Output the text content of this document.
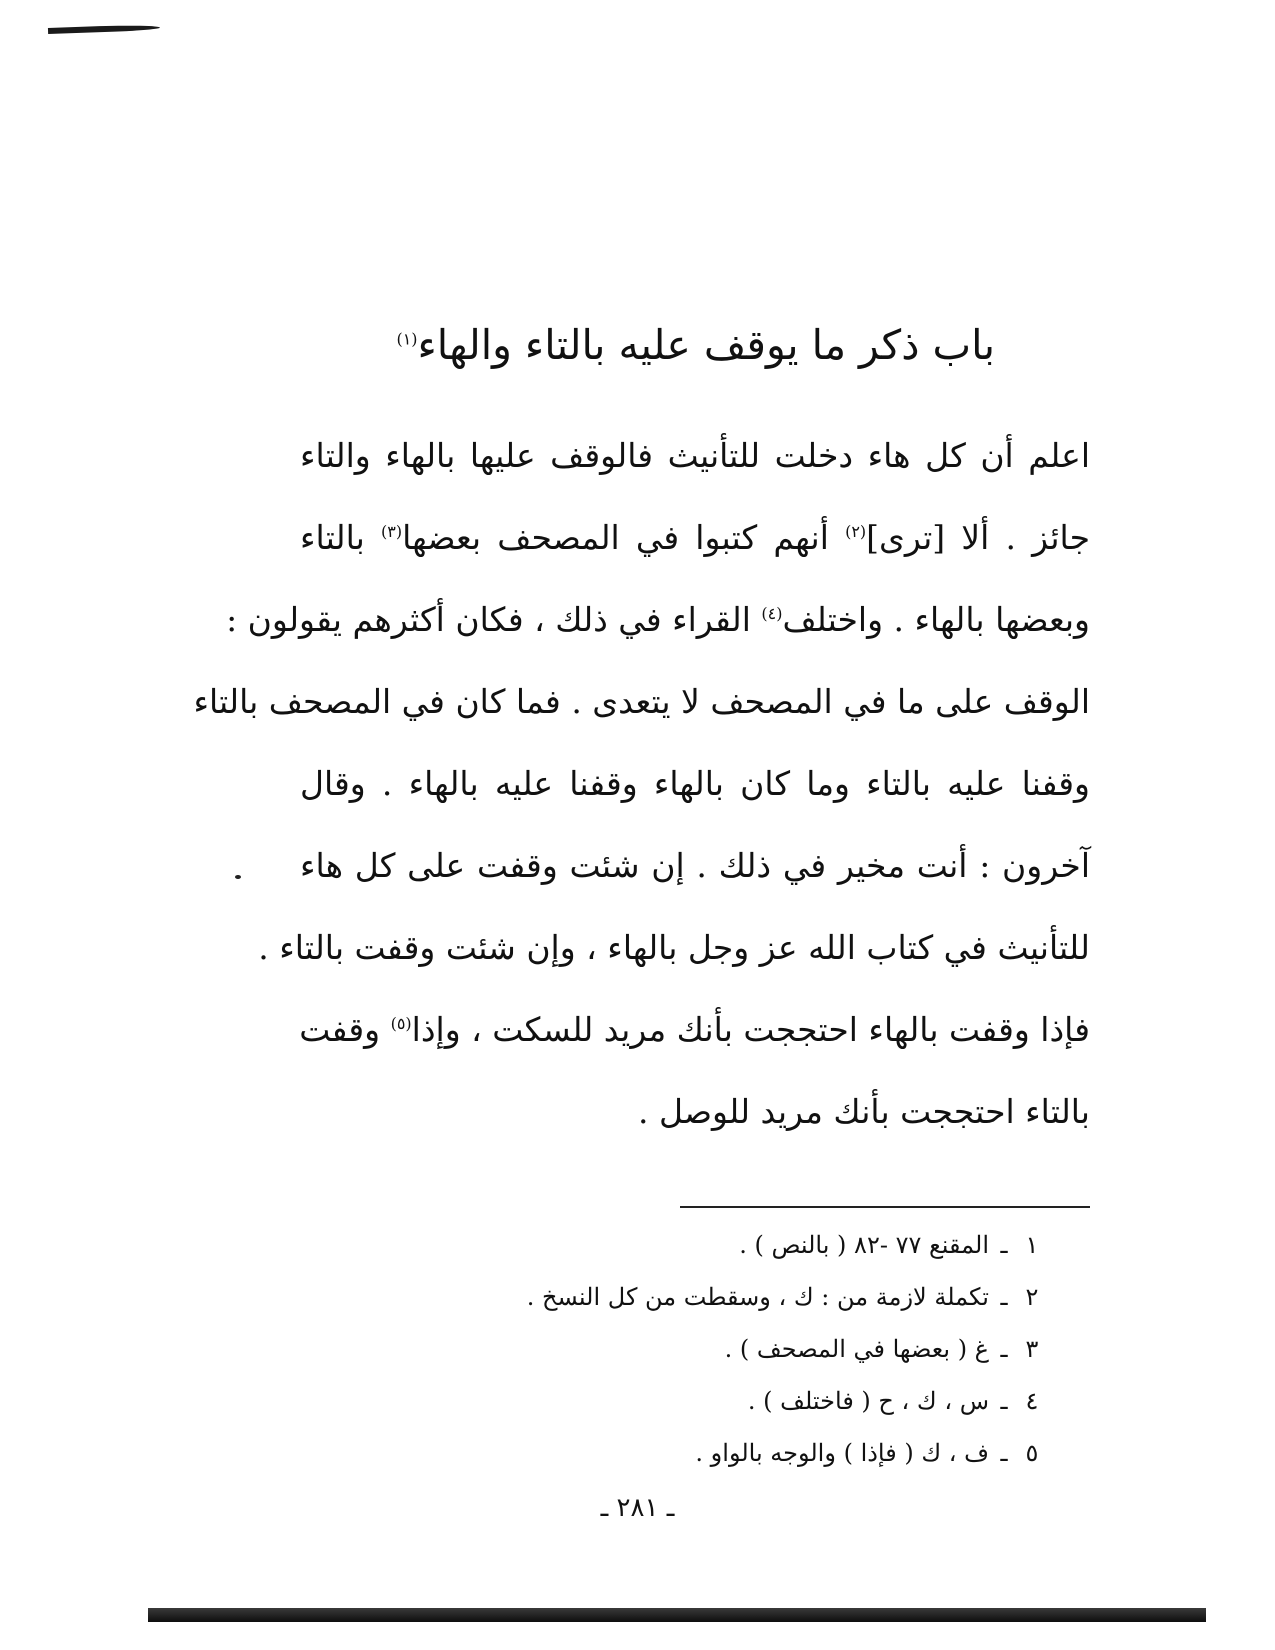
باب ذكر ما يوقف عليه بالتاء والهاء$^{(١)}$
اعلم أن كل هاء دخلت للتأنيث فالوقف عليها بالهاء والتاء
جائز . ألا [ترى]$^{(٢)}$ أنهم كتبوا في المصحف بعضها$^{(٣)}$ بالتاء
وبعضها بالهاء . واختلف$^{(٤)}$ القراء في ذلك ، فكان أكثرهم يقولون :
الوقف على ما في المصحف لا يتعدى . فما كان في المصحف بالتاء
وقفنا عليه بالتاء وما كان بالهاء وقفنا عليه بالهاء . وقال
آخرون : أنت مخير في ذلك . إن شئت وقفت على كل هاء
للتأنيث في كتاب الله عز وجل بالهاء ، وإن شئت وقفت بالتاء .
فإذا وقفت بالهاء احتججت بأنك مريد للسكت ، وإذا$^{(٥)}$ وقفت
بالتاء احتججت بأنك مريد للوصل .
١ـالمقنع ٧٧ -٨٢ ( بالنص ) .
٢ـتكملة لازمة من : ك ، وسقطت من كل النسخ .
٣ـغ ( بعضها في المصحف ) .
٤ـس ، ك ، ح ( فاختلف ) .
٥ـف ، ك ( فإذا ) والوجه بالواو .
ـ ٢٨١ ـ
